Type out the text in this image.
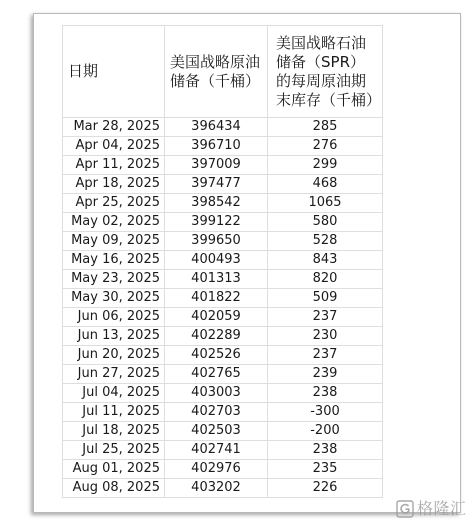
日期	美国战略原油储备（千桶）	美国战略石油储备（SPR）的每周原油期末库存（千桶）
Mar 28, 2025	396434	285
Apr 04, 2025	396710	276
Apr 11, 2025	397009	299
Apr 18, 2025	397477	468
Apr 25, 2025	398542	1065
May 02, 2025	399122	580
May 09, 2025	399650	528
May 16, 2025	400493	843
May 23, 2025	401313	820
May 30, 2025	401822	509
Jun 06, 2025	402059	237
Jun 13, 2025	402289	230
Jun 20, 2025	402526	237
Jun 27, 2025	402765	239
Jul 04, 2025	403003	238
Jul 11, 2025	402703	-300
Jul 18, 2025	402503	-200
Jul 25, 2025	402741	238
Aug 01, 2025	402976	235
Aug 08, 2025	403202	226
格隆汇
